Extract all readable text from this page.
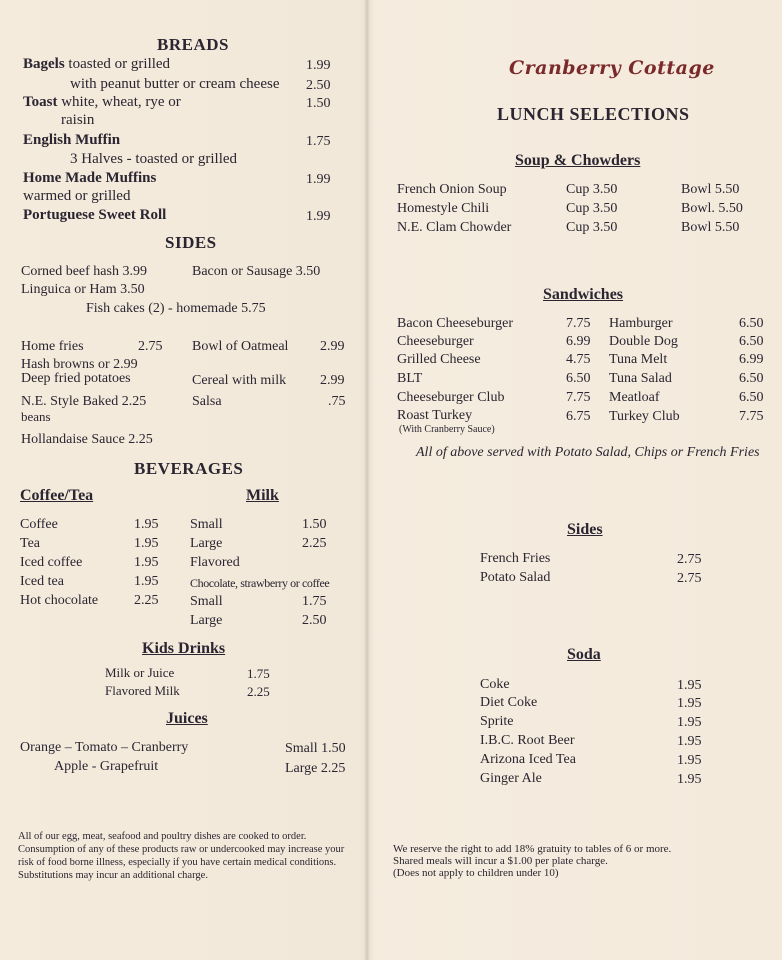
BREADS
Bagels toasted or grilled	1.99
with peanut butter or cream cheese 2.50
Toast white, wheat, rye or	1.50
raisin
English Muffin	1.75
3 Halves - toasted or grilled
Home Made Muffins	1.99
warmed or grilled
Portuguese Sweet Roll	1.99
SIDES
Corned beef hash 3.99	Bacon or Sausage 3.50
Linguica or Ham 3.50
Fish cakes (2) - homemade 5.75
Home fries	2.75 Bowl of Oatmeal 2.99
Hash browns or 2.99
Deep fried potatoes	Cereal with milk 2.99
N.E. Style Baked 2.25
beans
Salsa	.75
Hollandaise Sauce 2.25
BEVERAGES
Coffee/Tea	Milk
Coffee	1.95
Tea	1.95
Iced coffee	1.95
Iced tea	1.95
Hot chocolate	2.25
Small	1.50
Large	2.25
Flavored
Chocolate, strawberry or coffee
Small	1.75
Large	2.50
Kids Drinks
Milk or Juice	1.75
Flavored Milk	2.25
Juices
Orange – Tomato – Cranberry
Apple - Grapefruit
Small 1.50
Large 2.25
All of our egg, meat, seafood and poultry dishes are cooked to order. Consumption of any of these products raw or undercooked may increase your risk of food borne illness, especially if you have certain medical conditions. Substitutions may incur an additional charge.
Cranberry Cottage
LUNCH SELECTIONS
Soup & Chowders
French Onion Soup	Cup 3.50	Bowl 5.50
Homestyle Chili	Cup 3.50	Bowl. 5.50
N.E. Clam Chowder	Cup 3.50	Bowl 5.50
Sandwiches
Bacon Cheeseburger	7.75
Cheeseburger	6.99
Grilled Cheese	4.75
BLT	6.50
Cheeseburger Club	7.75
Roast Turkey	6.75
(With Cranberry Sauce)
Hamburger	6.50
Double Dog	6.50
Tuna Melt	6.99
Tuna Salad	6.50
Meatloaf	6.50
Turkey Club	7.75
All of above served with Potato Salad, Chips or French Fries
Sides
French Fries	2.75
Potato Salad	2.75
Soda
Coke	1.95
Diet Coke	1.95
Sprite	1.95
I.B.C. Root Beer	1.95
Arizona Iced Tea	1.95
Ginger Ale	1.95
We reserve the right to add 18% gratuity to tables of 6 or more.
Shared meals will incur a $1.00 per plate charge.
(Does not apply to children under 10)
